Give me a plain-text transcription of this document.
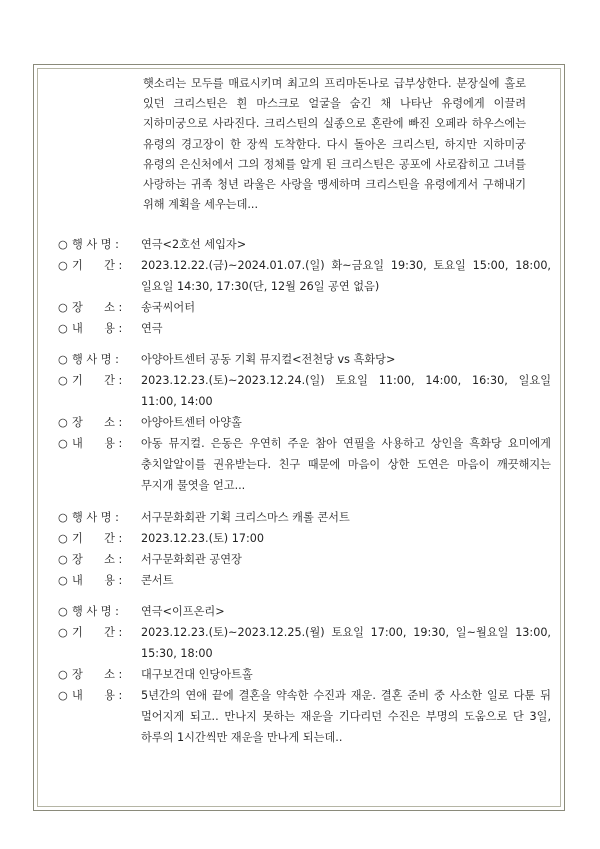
햇소리는 모두를 매료시키며 최고의 프리마돈나로 급부상한다. 분장실에 홀로 있던 크리스틴은 흰 마스크로 얼굴을 숨긴 채 나타난 유령에게 이끌려 지하미궁으로 사라진다. 크리스틴의 실종으로 혼란에 빠진 오페라 하우스에는 유령의 경고장이 한 장씩 도착한다. 다시 돌아온 크리스틴, 하지만 지하미궁 유령의 은신처에서 그의 정체를 알게 된 크리스틴은 공포에 사로잡히고 그녀를 사랑하는 귀족 청년 라울은 사랑을 맹세하며 크리스틴을 유령에게서 구해내기 위해 계획을 세우는데...
○ 행 사 명 : 연극<2호선 세입자>
○ 기      간 : 2023.12.22.(금)~2024.01.07.(일) 화~금요일 19:30, 토요일 15:00, 18:00, 일요일 14:30, 17:30(단, 12월 26일 공연 없음)
○ 장      소 : 송국씨어터
○ 내      용 : 연극
○ 행 사 명 : 아양아트센터 공동 기획 뮤지컬<전천당 vs 흑화당>
○ 기      간 : 2023.12.23.(토)~2023.12.24.(일) 토요일 11:00, 14:00, 16:30, 일요일 11:00, 14:00
○ 장      소 : 아양아트센터 아양홀
○ 내      용 : 아동 뮤지컬. 은동은 우연히 주운 참아 연필을 사용하고 상인을 흑화당 요미에게 충치알알이를 권유받는다. 친구 때문에 마음이 상한 도연은 마음이 깨끗해지는 무지개 물엿을 얻고...
○ 행 사 명 : 서구문화회관 기획 크리스마스 캐롤 콘서트
○ 기      간 : 2023.12.23.(토) 17:00
○ 장      소 : 서구문화회관 공연장
○ 내      용 : 콘서트
○ 행 사 명 : 연극<이프온리>
○ 기      간 : 2023.12.23.(토)~2023.12.25.(월) 토요일 17:00, 19:30, 일~월요일 13:00, 15:30, 18:00
○ 장      소 : 대구보건대 인당아트홀
○ 내      용 : 5년간의 연애 끝에 결혼을 약속한 수진과 재운. 결혼 준비 중 사소한 일로 다툰 뒤 멀어지게 되고.. 만나지 못하는 재운을 기다리던 수진은 부명의 도움으로 단 3일, 하루의 1시간씩만 재운을 만나게 되는데..
